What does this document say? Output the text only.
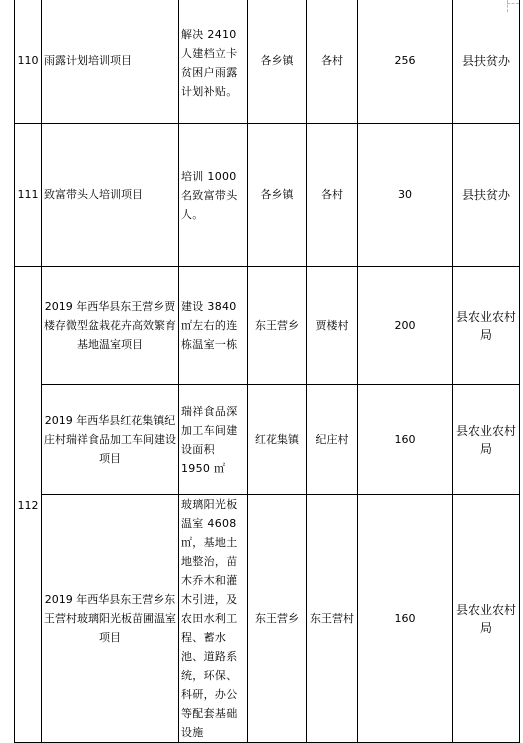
110	雨露计划培训项目	解决 2410 人建档立卡贫困户雨露计划补贴。	各乡镇	各村	256	县扶贫办
111	致富带头人培训项目	培训 1000 名致富带头人。	各乡镇	各村	30	县扶贫办
112	2019 年西华县东王营乡贾楼存微型盆栽花卉高效繁育基地温室项目	建设 3840 ㎡左右的连栋温室一栋	东王营乡	贾楼村	200	县农业农村局
	2019 年西华县红花集镇纪庄村瑞祥食品加工车间建设项目	瑞祥食品深加工车间建设面积 1950 ㎡	红花集镇	纪庄村	160	县农业农村局
	2019 年西华县东王营乡东王营村玻璃阳光板苗圃温室项目	玻璃阳光板温室 4608 ㎡，基地土地整治，苗木乔木和灌木引进，及农田水利工程、蓄水池、道路系统，环保、科研，办公等配套基础设施	东王营乡	东王营村	160	县农业农村局
